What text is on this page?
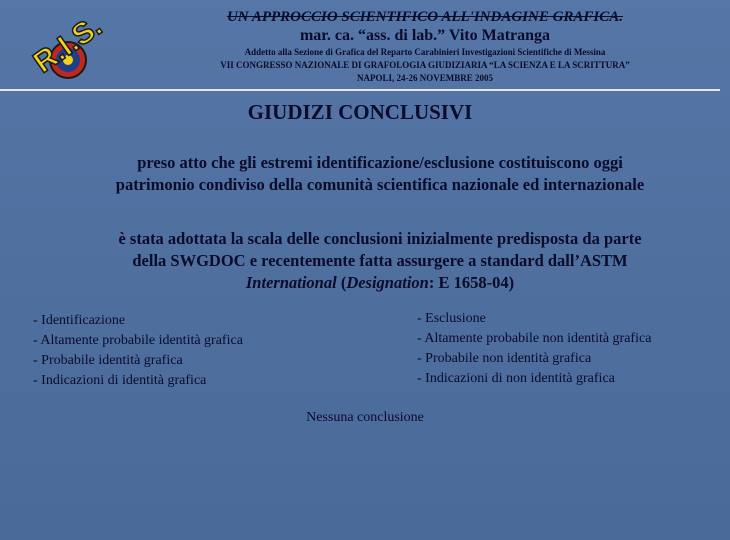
R.I.S.	UN APPROCCIO SCIENTIFICO ALL'INDAGINE GRAFICA.
mar. ca. “ass. di lab.” Vito Matranga
Addetto alla Sezione di Grafica del Reparto Carabinieri Investigazioni Scientifiche di Messina
VII CONGRESSO NAZIONALE DI GRAFOLOGIA GIUDIZIARIA “LA SCIENZA E LA SCRITTURA”
NAPOLI, 24-26 NOVEMBRE 2005
GIUDIZI CONCLUSIVI
preso atto che gli estremi identificazione/esclusione costituiscono oggi
patrimonio condiviso della comunità scientifica nazionale ed internazionale
è stata adottata la scala delle conclusioni inizialmente predisposta da parte
della SWGDOC e recentemente fatta assurgere a standard dall’ASTM
International (Designation: E 1658-04)
- Identificazione
- Altamente probabile identità grafica
- Probabile identità grafica
- Indicazioni di identità grafica
- Esclusione
- Altamente probabile non identità grafica
- Probabile non identità grafica
- Indicazioni di non identità grafica
Nessuna conclusione
